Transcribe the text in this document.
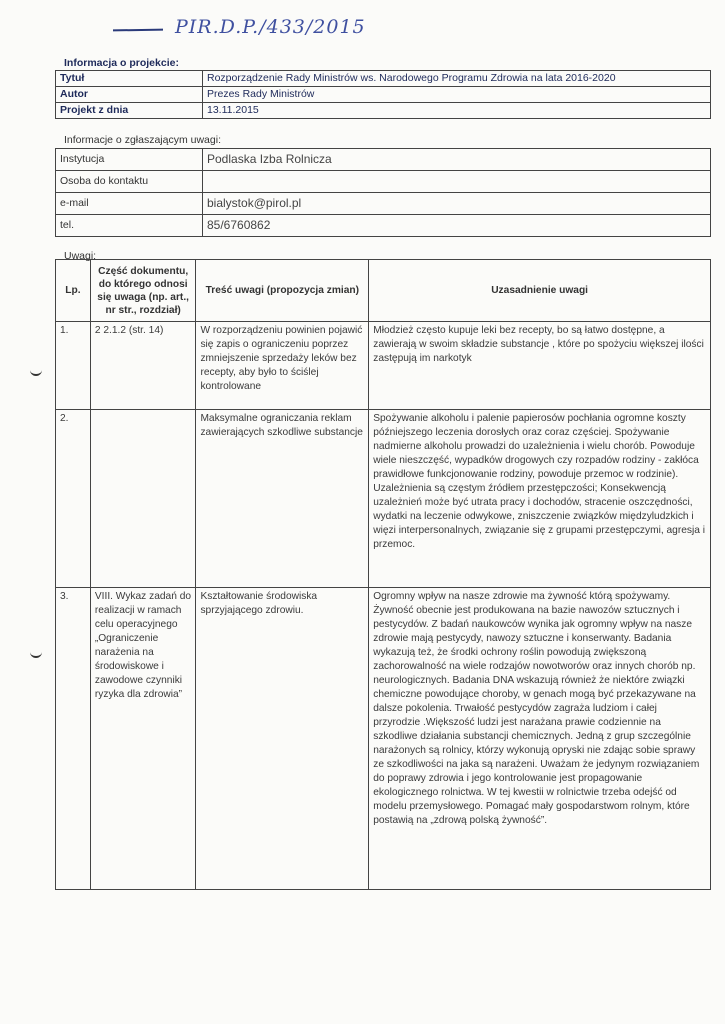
PIR.D.P./433/2015
Informacja o projekcie:
Tytuł	Rozporządzenie Rady Ministrów ws. Narodowego Programu Zdrowia na lata 2016-2020
Autor	Prezes Rady Ministrów
Projekt z dnia	13.11.2015
Informacje o zgłaszającym uwagi:
Instytucja	Podlaska Izba Rolnicza
Osoba do kontaktu	
e-mail	bialystok@pirol.pl
tel.	85/6760862
Uwagi:
Lp.	Część dokumentu, do którego odnosi się uwaga (np. art., nr str., rozdział)	Treść uwagi (propozycja zmian)	Uzasadnienie uwagi
1.	2 2.1.2 (str. 14)	W rozporządzeniu powinien pojawić się zapis o ograniczeniu poprzez zmniejszenie sprzedaży leków bez recepty, aby było to ściślej kontrolowane	Młodzież często kupuje leki bez recepty, bo są łatwo dostępne, a zawierają w swoim składzie substancje , które po spożyciu większej ilości zastępują im narkotyk
2.		Maksymalne ograniczania reklam zawierających szkodliwe substancje	Spożywanie alkoholu i palenie papierosów pochłania ogromne koszty późniejszego leczenia dorosłych oraz coraz częściej. Spożywanie nadmierne alkoholu prowadzi do uzależnienia i wielu chorób. Powoduje wiele nieszczęść, wypadków drogowych czy rozpadów rodziny - zakłóca prawidłowe funkcjonowanie rodziny, powoduje przemoc w rodzinie). Uzależnienia są częstym źródłem przestępczości; Konsekwencją uzależnień może być utrata pracy i dochodów, stracenie oszczędności, wydatki na leczenie odwykowe, zniszczenie związków międzyludzkich i więzi interpersonalnych, związanie się z grupami przestępczymi, agresja i przemoc.
3.	VIII. Wykaz zadań do realizacji w ramach celu operacyjnego „Ograniczenie narażenia na środowiskowe i zawodowe czynniki ryzyka dla zdrowia”	Kształtowanie środowiska sprzyjającego zdrowiu.	Ogromny wpływ na nasze zdrowie ma żywność którą spożywamy. Żywność obecnie jest produkowana na bazie nawozów sztucznych i pestycydów. Z badań naukowców wynika jak ogromny wpływ na nasze zdrowie mają pestycydy, nawozy sztuczne i konserwanty. Badania wykazują też, że środki ochrony roślin powodują zwiększoną zachorowalność na wiele rodzajów nowotworów oraz innych chorób np. neurologicznych. Badania DNA wskazują również że niektóre związki chemiczne powodujące choroby, w genach mogą być przekazywane na dalsze pokolenia. Trwałość pestycydów zagraża ludziom i całej przyrodzie .Większość ludzi jest narażana prawie codziennie na szkodliwe działania substancji chemicznych. Jedną z grup szczególnie narażonych są rolnicy, którzy wykonują opryski nie zdając sobie sprawy ze szkodliwości na jaka są narażeni. Uważam że jedynym rozwiązaniem do poprawy zdrowia i jego kontrolowanie jest propagowanie ekologicznego rolnictwa. W tej kwestii w rolnictwie trzeba odejść od modelu przemysłowego. Pomagać mały gospodarstwom rolnym, które postawią na „zdrową polską żywność”.
